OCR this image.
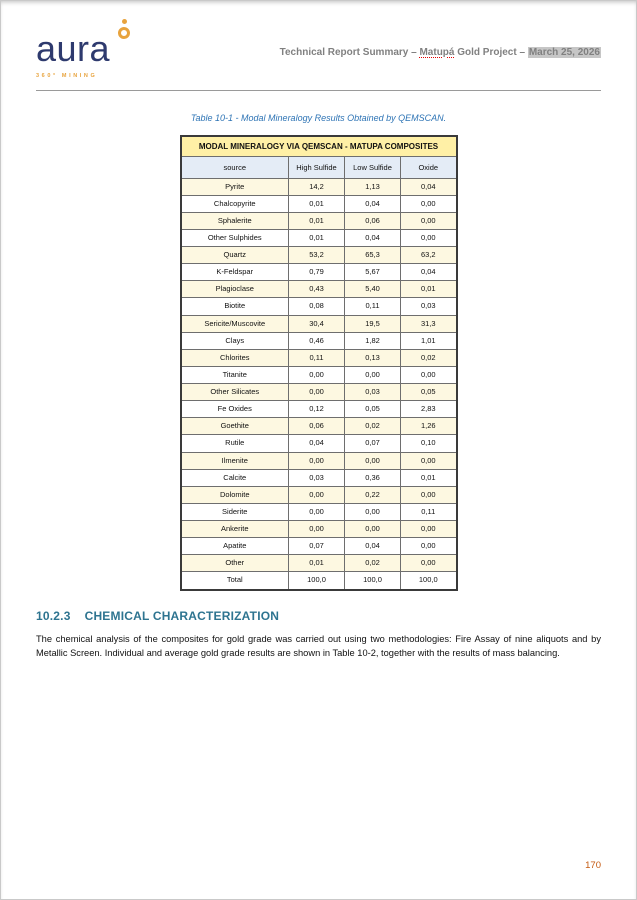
aura
360° MINING
Technical Report Summary – Matupá Gold Project – March 25, 2026
Table 10-1 - Modal Mineralogy Results Obtained by QEMSCAN.
MODAL MINERALOGY VIA QEMSCAN - MATUPA COMPOSITES			
source	High Sulfide	Low Sulfide	Oxide
Pyrite	14,2	1,13	0,04
Chalcopyrite	0,01	0,04	0,00
Sphalerite	0,01	0,06	0,00
Other Sulphides	0,01	0,04	0,00
Quartz	53,2	65,3	63,2
K-Feldspar	0,79	5,67	0,04
Plagioclase	0,43	5,40	0,01
Biotite	0,08	0,11	0,03
Sericite/Muscovite	30,4	19,5	31,3
Clays	0,46	1,82	1,01
Chlorites	0,11	0,13	0,02
Titanite	0,00	0,00	0,00
Other Silicates	0,00	0,03	0,05
Fe Oxides	0,12	0,05	2,83
Goethite	0,06	0,02	1,26
Rutile	0,04	0,07	0,10
Ilmenite	0,00	0,00	0,00
Calcite	0,03	0,36	0,01
Dolomite	0,00	0,22	0,00
Siderite	0,00	0,00	0,11
Ankerite	0,00	0,00	0,00
Apatite	0,07	0,04	0,00
Other	0,01	0,02	0,00
Total	100,0	100,0	100,0
10.2.3 CHEMICAL CHARACTERIZATION

The chemical analysis of the composites for gold grade was carried out using two methodologies: Fire Assay of nine aliquots and by Metallic Screen. Individual and average gold grade results are shown in Table 10-2, together with the results of mass balancing.

170
